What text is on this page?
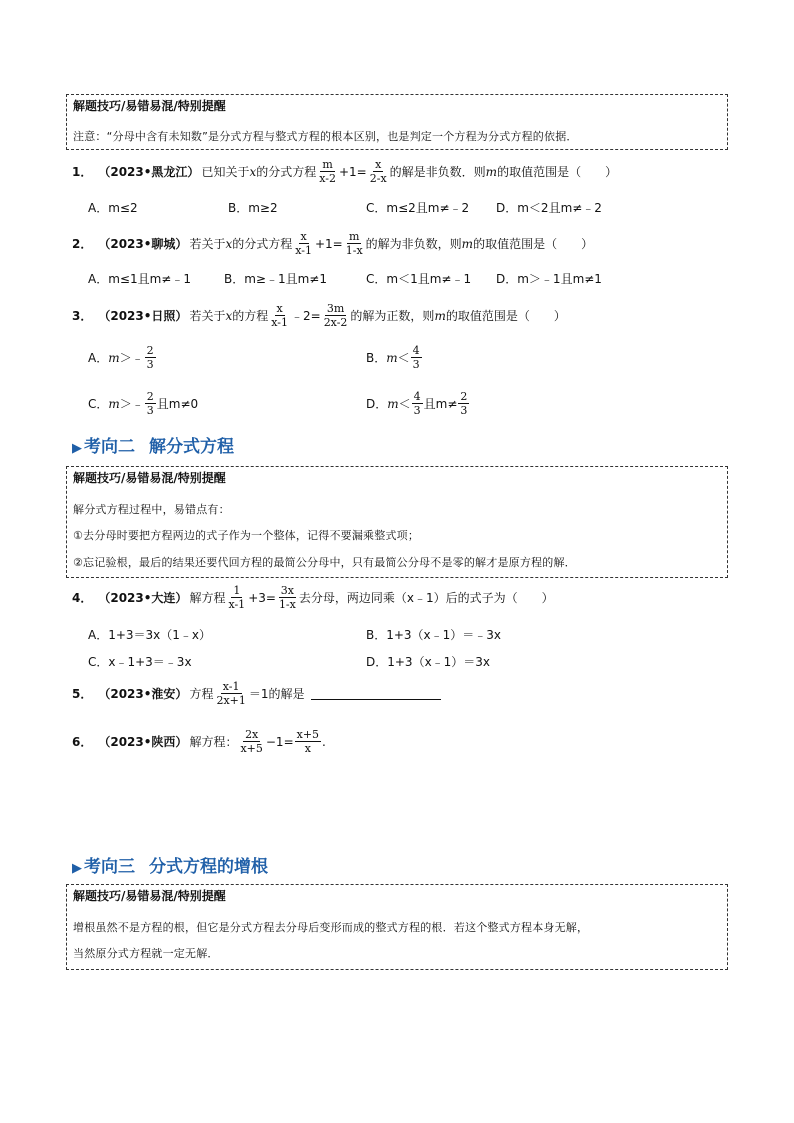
解题技巧/易错易混/特别提醒
注意：“分母中含有未知数”是分式方程与整式方程的根本区别，也是判定一个方程为分式方程的依据．
1． （2023•黑龙江） 已知关于 x 的分式方程 $\frac{m}{x-2} +1= \frac{x}{2-x}$ 的解是非负数．则 m 的取值范围是（　　）
A．m≤2	B．m≥2	C．m≤2且m≠﹣2 D．m＜2且m≠﹣2
2． （2023•聊城） 若关于 x 的分式方程 $\frac{x}{x-1} +1= \frac{m}{1-x}$ 的解为非负数，则 m 的取值范围是（　　）
A．m≤1且m≠﹣1	B．m≥﹣1且m≠1	C．m＜1且m≠﹣1 D．m＞﹣1且m≠1
3． （2023•日照） 若关于 x 的方程 $\frac{x}{x-1}$ ﹣2= $\frac{3m}{2x-2}$ 的解为正数，则 m 的取值范围是（　　）
A． m ＞﹣ $\frac{2}{3}$	B． $m < \frac{4}{3}$
C． m ＞﹣ $\frac{2}{3}$ 且m≠0	D． $m < \frac{4}{3}$ 且$m\ne \frac{2}{3}$
▶ 考向二 解分式方程
解题技巧/易错易混/特别提醒
解分式方程过程中，易错点有：
①去分母时要把方程两边的式子作为一个整体，记得不要漏乘整式项；
②忘记验根，最后的结果还要代回方程的最简公分母中，只有最简公分母不是零的解才是原方程的解．
4． （2023•大连） 解方程 $\frac{1}{x-1} +3= \frac{3x}{1-x}$ 去分母，两边同乘（x﹣1）后的式子为（　　）
A．1+3＝3x（1﹣x）	B．1+3（x﹣1）＝﹣3x
C．x﹣1+3＝﹣3x	D．1+3（x﹣1）＝3x
5． （2023•淮安） 方程 $\frac{x-1}{2x+1} =1$的解是
6． （2023•陕西） 解方程： $\frac{2x}{x+5} -1= \frac{x+5}{x}$ .
▶ 考向三 分式方程的增根
解题技巧/易错易混/特别提醒
增根虽然不是方程的根，但它是分式方程去分母后变形而成的整式方程的根．若这个整式方程本身无解，
当然原分式方程就一定无解．
